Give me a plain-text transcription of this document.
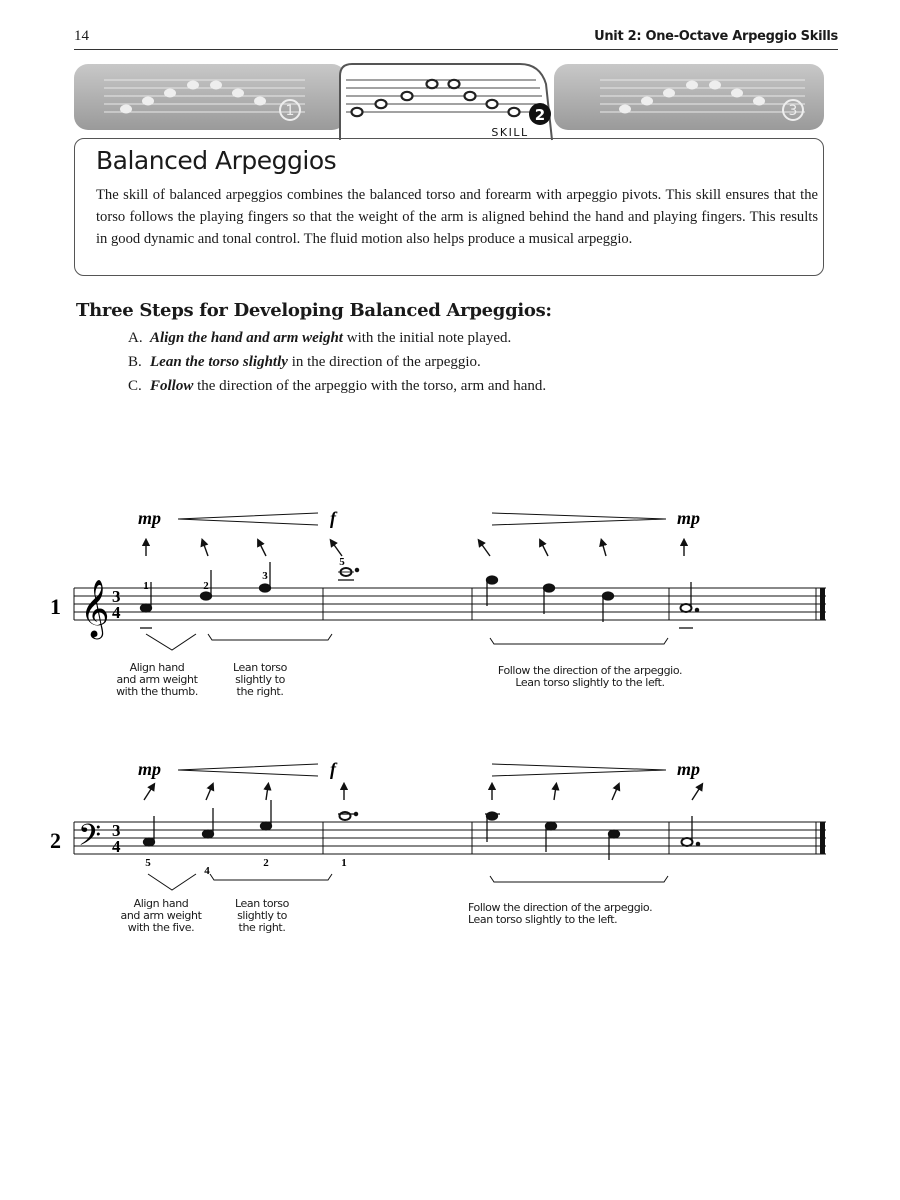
14	Unit 2: One-Octave Arpeggio Skills
1	3
2
SKILL
Balanced Arpeggios
The skill of balanced arpeggios combines the balanced torso and forearm with arpeggio pivots. This skill ensures that the torso follows the playing fingers so that the weight of the arm is aligned behind the hand and playing fingers. This results in good dynamic and tonal control. The fluid motion also helps produce a musical arpeggio.
Three Steps for Developing Balanced Arpeggios:
A. Align the hand and arm weight with the initial note played.
B. Lean the torso slightly in the direction of the arpeggio.
C. Follow the direction of the arpeggio with the torso, arm and hand.
1 𝄞 3
4
1	2
3
5
mp	f	mp
2 𝄢 3
4
5
4
2	1
mp	f	mp
Align hand
and arm weight
with the thumb.
Lean torso
slightly to
the right.
Follow the direction of the arpeggio.
Lean torso slightly to the left.
Align hand
and arm weight
with the five.
Lean torso
slightly to
the right.
Follow the direction of the arpeggio.
Lean torso slightly to the left.
